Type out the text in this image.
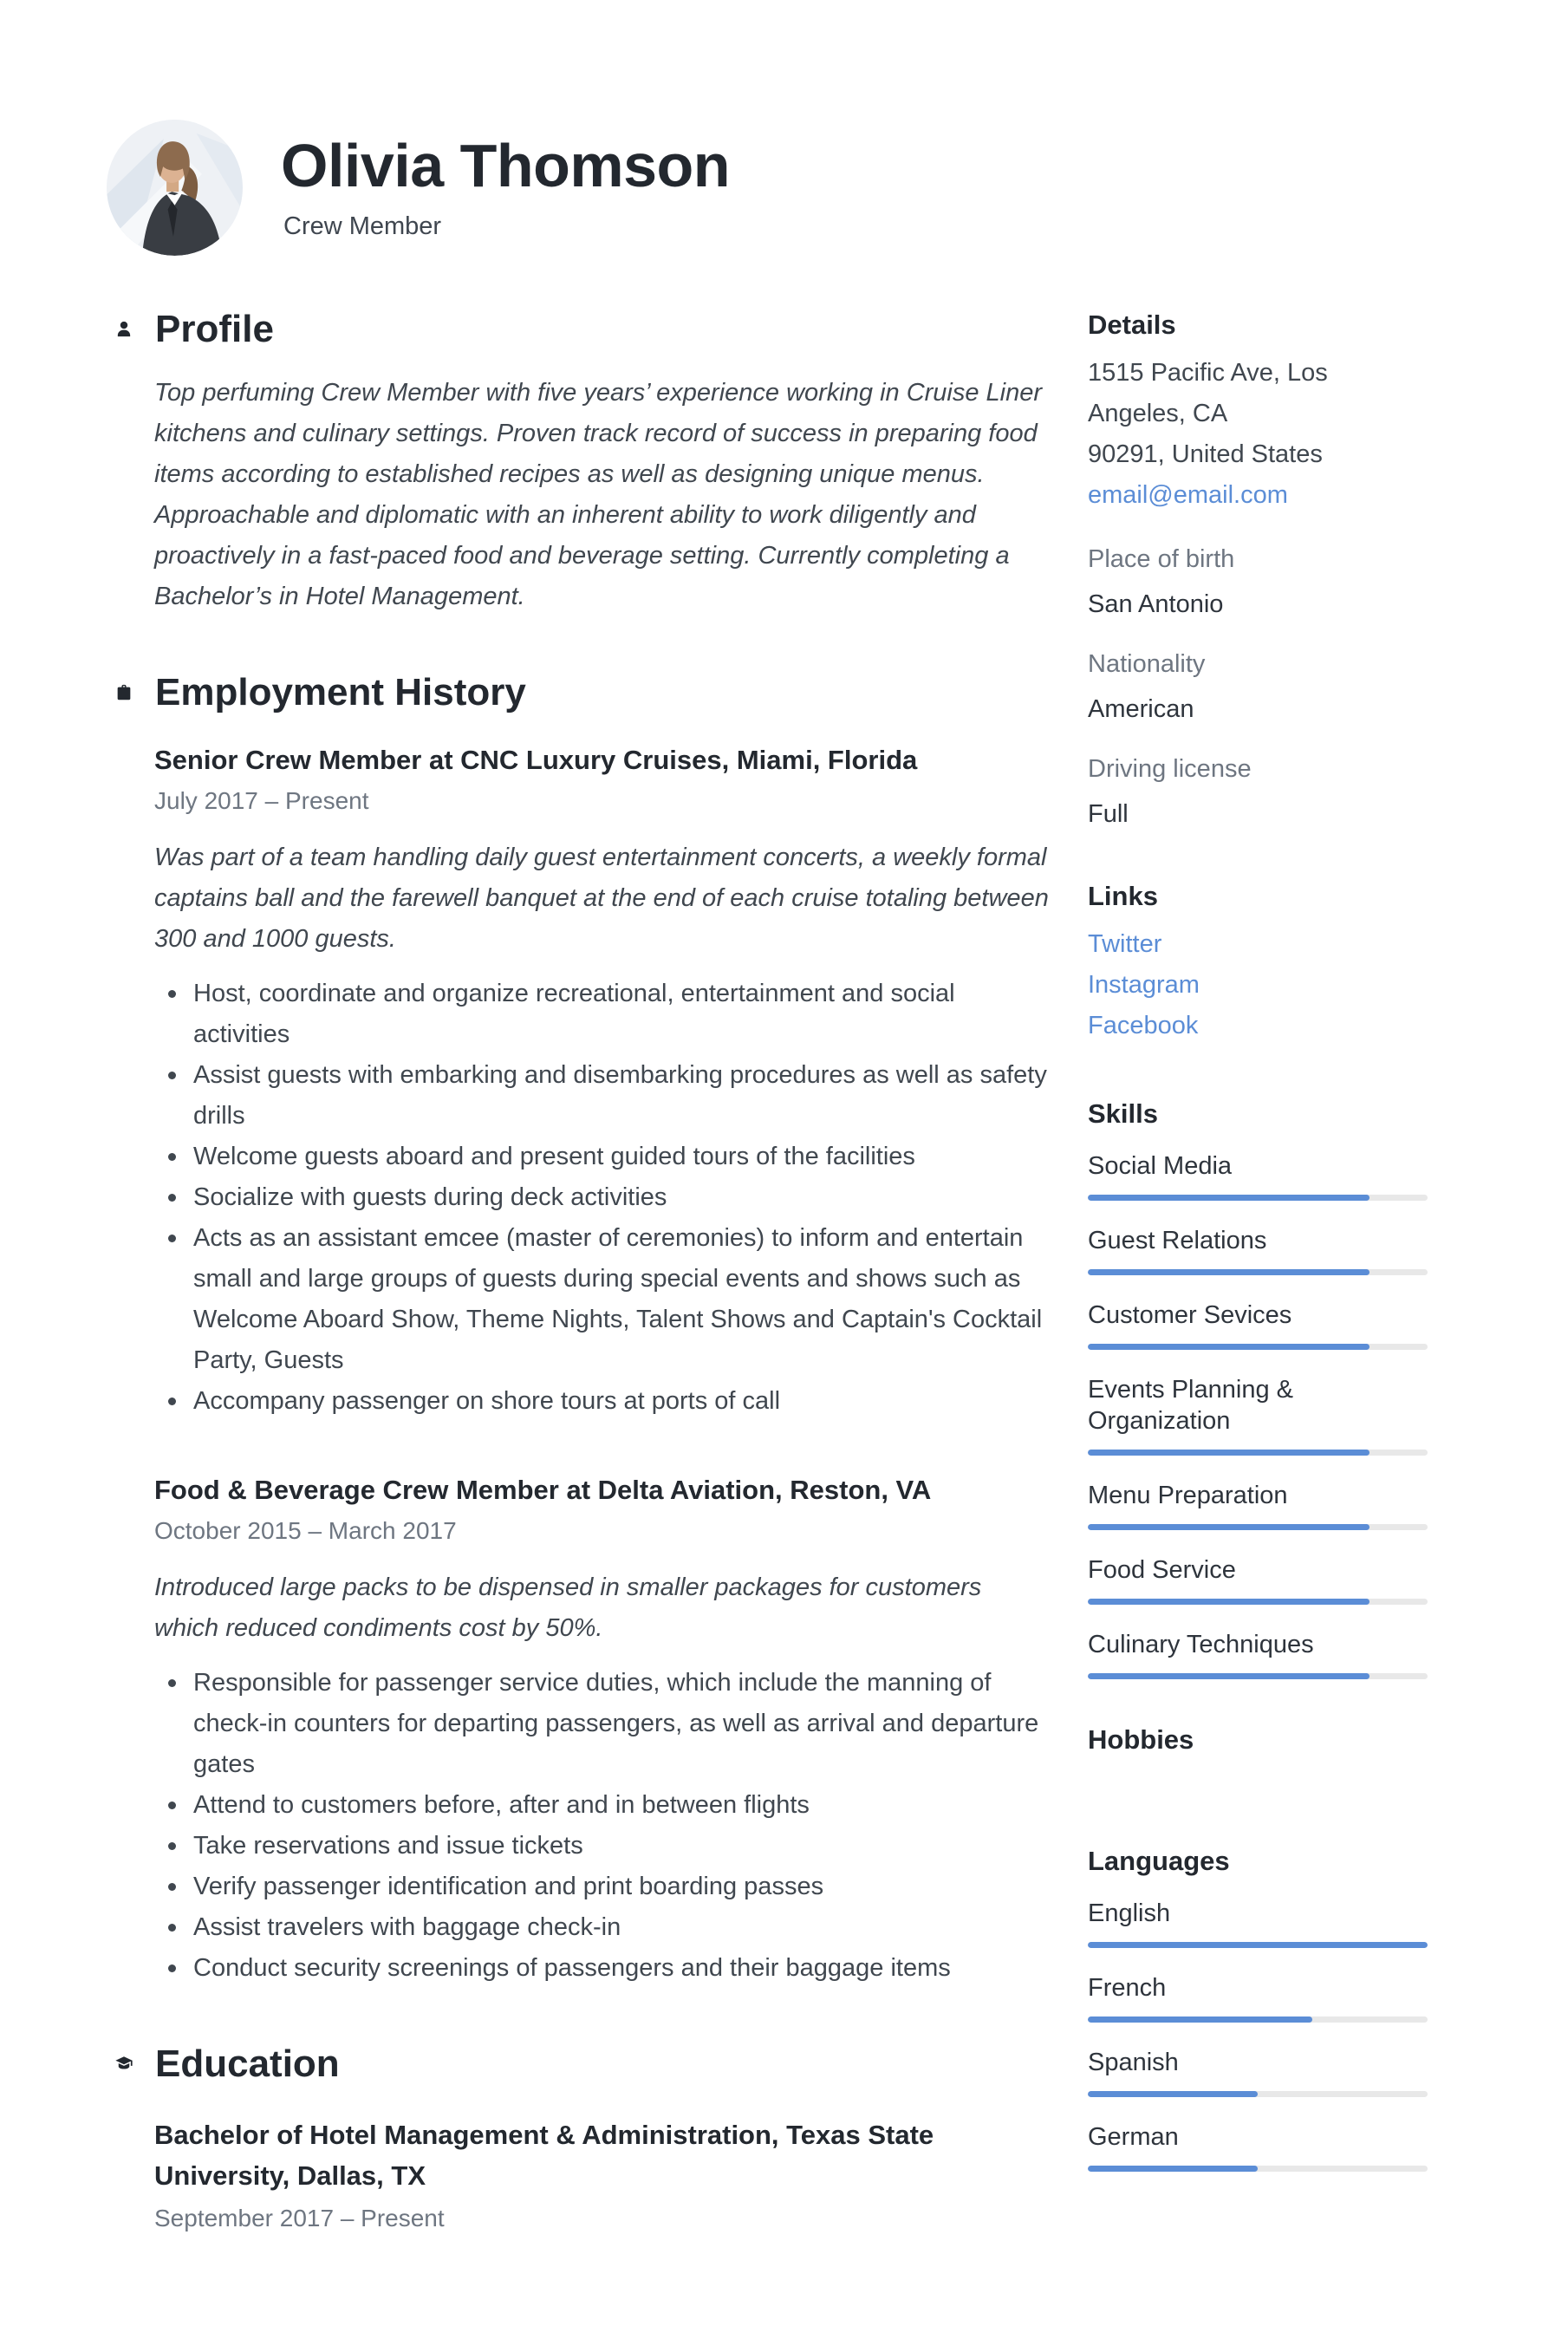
Olivia Thomson
Crew Member
Profile
Top perfuming Crew Member with five years’ experience working in Cruise Liner kitchens and culinary settings. Proven track record of success in preparing food items according to established recipes as well as designing unique menus. Approachable and diplomatic with an inherent ability to work diligently and proactively in a fast-paced food and beverage setting. Currently completing a Bachelor’s in Hotel Management.
Employment History
Senior Crew Member at CNC Luxury Cruises, Miami, Florida
July 2017 – Present
Was part of a team handling daily guest entertainment concerts, a weekly formal captains ball and the farewell banquet at the end of each cruise totaling between 300 and 1000 guests.
Host, coordinate and organize recreational, entertainment and social activities
Assist guests with embarking and disembarking procedures as well as safety drills
Welcome guests aboard and present guided tours of the facilities
Socialize with guests during deck activities
Acts as an assistant emcee (master of ceremonies) to inform and entertain small and large groups of guests during special events and shows such as Welcome Aboard Show, Theme Nights, Talent Shows and Captain's Cocktail Party, Guests
Accompany passenger on shore tours at ports of call
Food & Beverage Crew Member at Delta Aviation, Reston, VA
October 2015 – March 2017
Introduced large packs to be dispensed in smaller packages for customers which reduced condiments cost by 50%.
Responsible for passenger service duties, which include the manning of check-in counters for departing passengers, as well as arrival and departure gates
Attend to customers before, after and in between flights
Take reservations and issue tickets
Verify passenger identification and print boarding passes
Assist travelers with baggage check-in
Conduct security screenings of passengers and their baggage items
Education
Bachelor of Hotel Management & Administration, Texas State University, Dallas, TX
September 2017 – Present
Details
1515 Pacific Ave, Los Angeles, CA
90291, United States
email@email.com
Place of birth
San Antonio
Nationality
American
Driving license
Full
Links
Twitter
Instagram
Facebook
Skills
Social Media
Guest Relations
Customer Sevices
Events Planning & Organization
Menu Preparation
Food Service
Culinary Techniques
Hobbies
Languages
English
French
Spanish
German
